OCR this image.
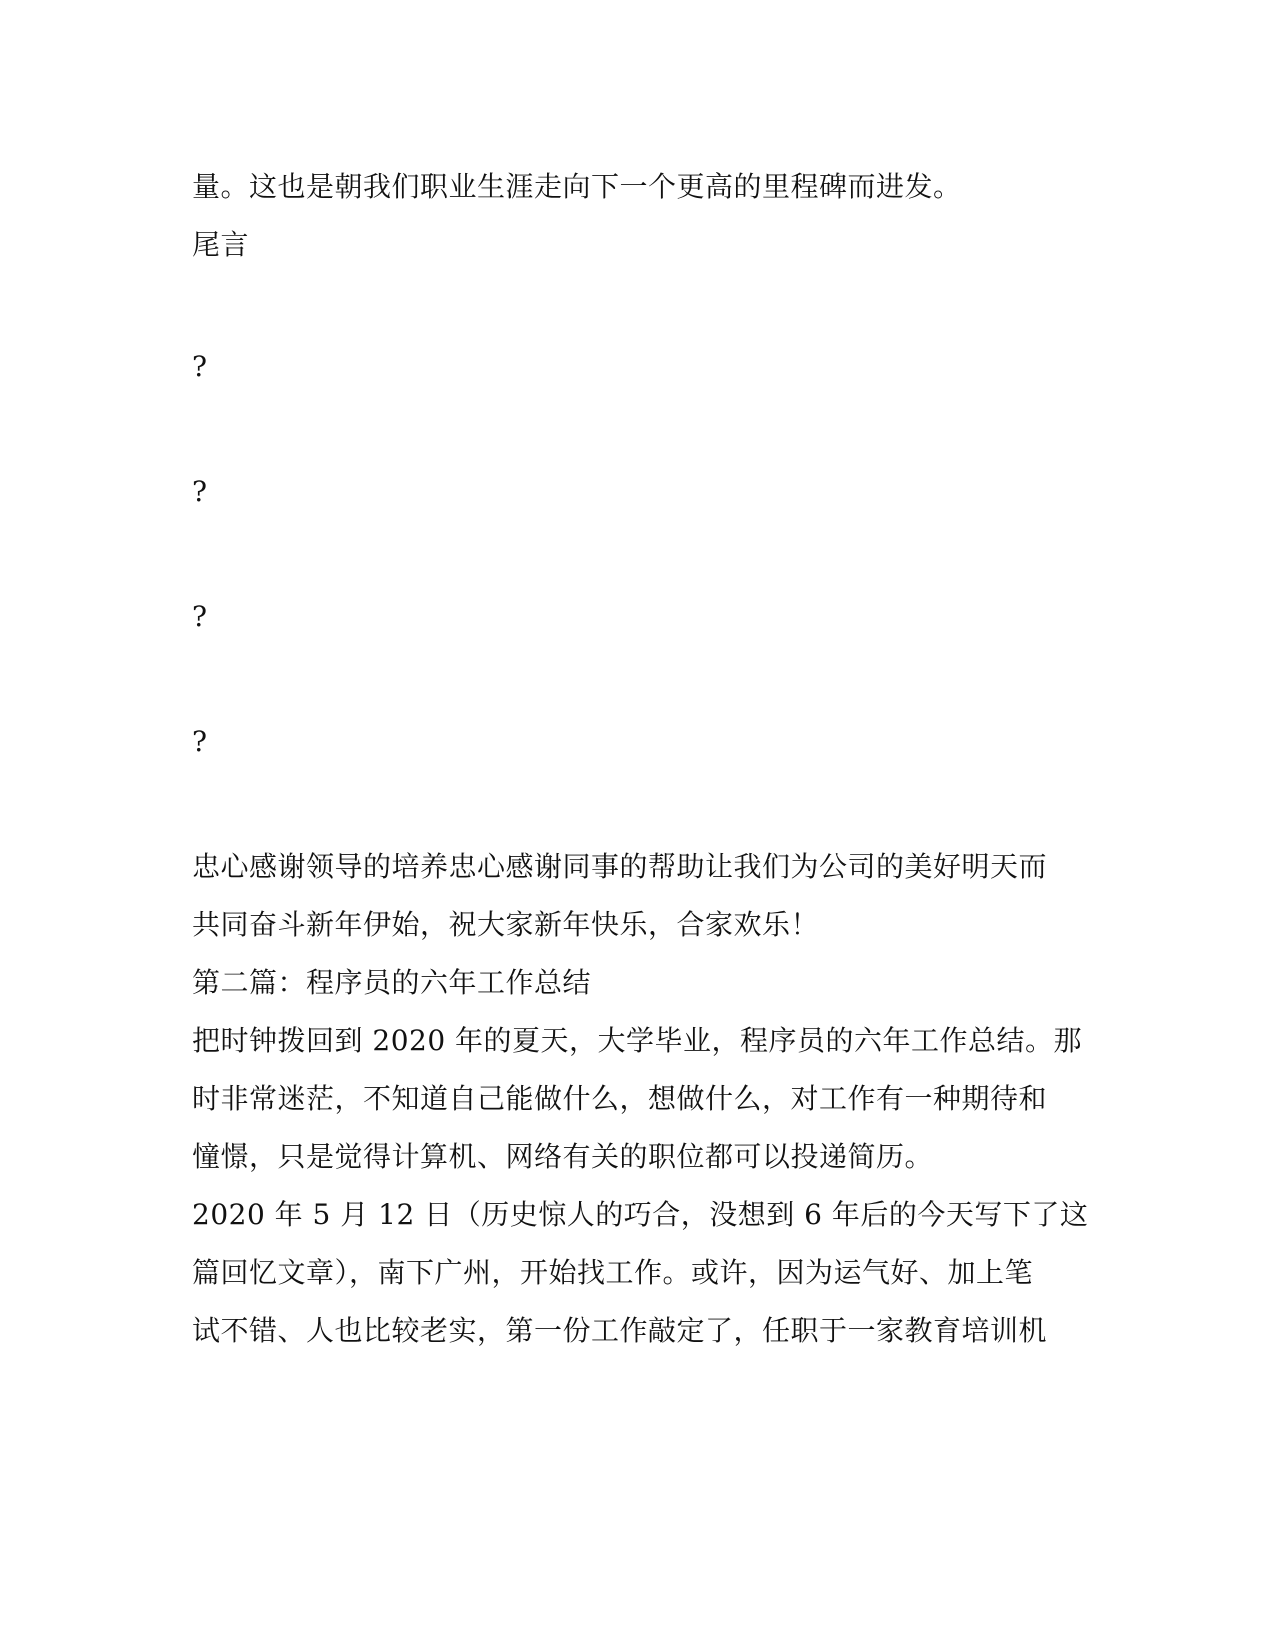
量。这也是朝我们职业生涯走向下一个更高的里程碑而进发。
尾言
?
?
?
?
忠心感谢领导的培养忠心感谢同事的帮助让我们为公司的美好明天而
共同奋斗新年伊始，祝大家新年快乐，合家欢乐！
第二篇：程序员的六年工作总结
把时钟拨回到 2020 年的夏天，大学毕业，程序员的六年工作总结。那
时非常迷茫，不知道自己能做什么，想做什么，对工作有一种期待和
憧憬，只是觉得计算机、网络有关的职位都可以投递简历。
2020 年 5 月 12 日（历史惊人的巧合，没想到 6 年后的今天写下了这
篇回忆文章），南下广州，开始找工作。或许，因为运气好、加上笔
试不错、人也比较老实，第一份工作敲定了，任职于一家教育培训机
